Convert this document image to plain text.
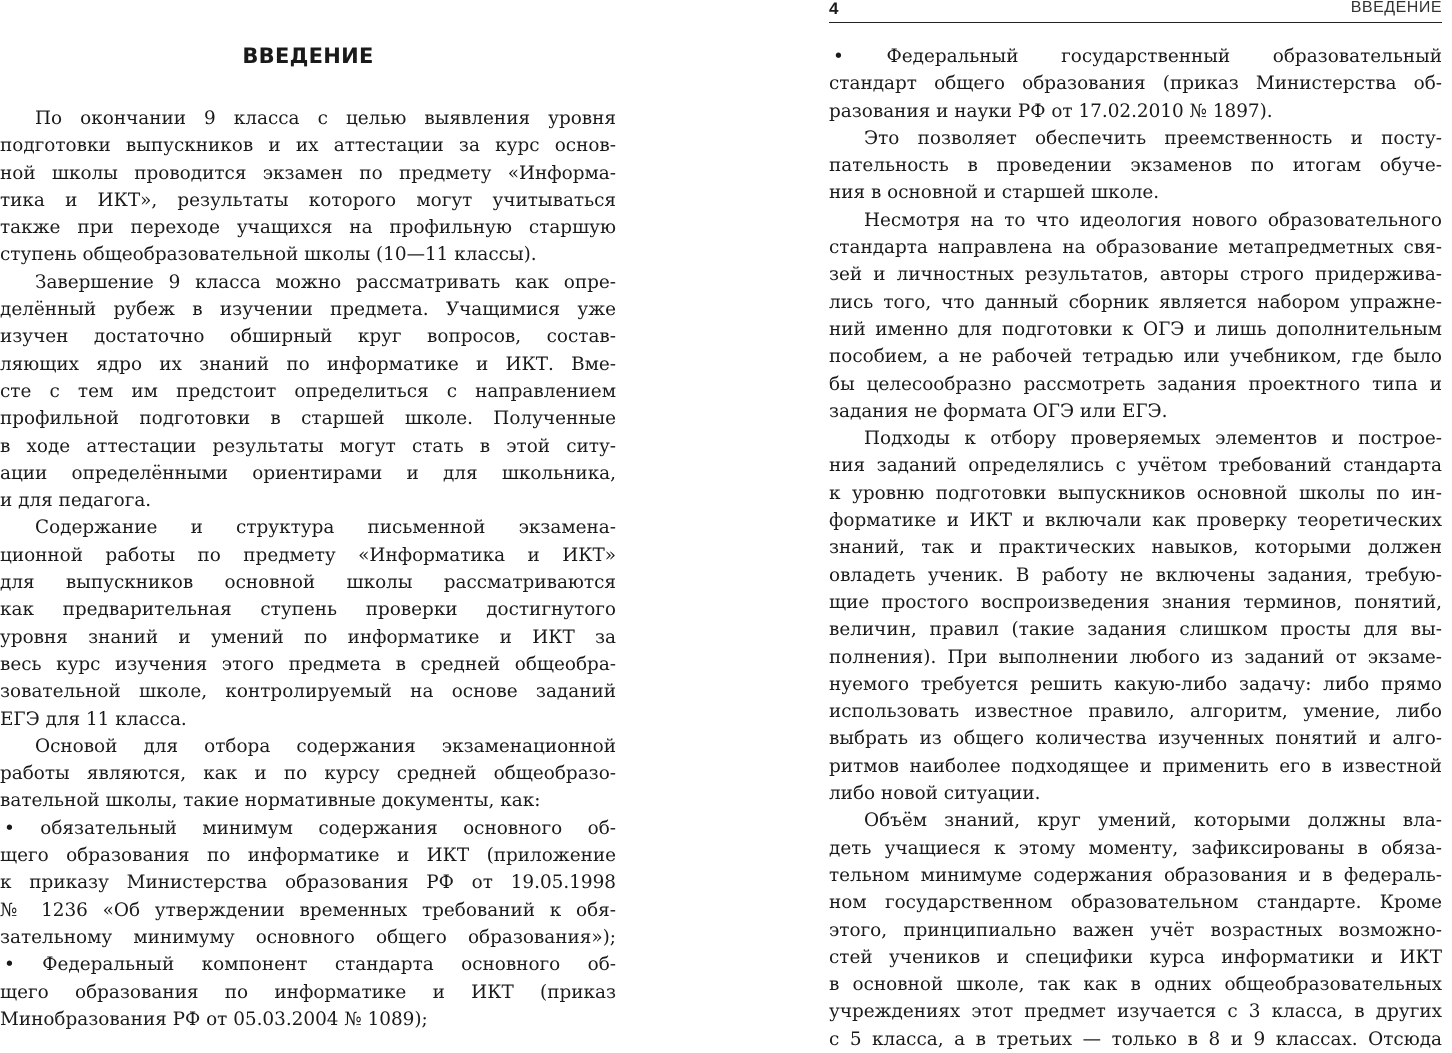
ВВЕДЕНИЕ
По окончании 9 класса с целью выявления уровня
подготовки выпускников и их аттестации за курс основ-
ной школы проводится экзамен по предмету «Информа-
тика и ИКТ», результаты которого могут учитываться
также при переходе учащихся на профильную старшую
ступень общеобразовательной школы (10—11 классы).
Завершение 9 класса можно рассматривать как опре-
делённый рубеж в изучении предмета. Учащимися уже
изучен достаточно обширный круг вопросов, состав-
ляющих ядро их знаний по информатике и ИКТ. Вме-
сте с тем им предстоит определиться с направлением
профильной подготовки в старшей школе. Полученные
в ходе аттестации результаты могут стать в этой ситу-
ации определёнными ориентирами и для школьника,
и для педагога.
Содержание и структура письменной экзамена-
ционной работы по предмету «Информатика и ИКТ»
для выпускников основной школы рассматриваются
как предварительная ступень проверки достигнутого
уровня знаний и умений по информатике и ИКТ за
весь курс изучения этого предмета в средней общеобра-
зовательной школе, контролируемый на основе заданий
ЕГЭ для 11 класса.
Основой для отбора содержания экзаменационной
работы являются, как и по курсу средней общеобразо-
вательной школы, такие нормативные документы, как:
• обязательный минимум содержания основного об-
щего образования по информатике и ИКТ (приложение
к приказу Министерства образования РФ от 19.05.1998
№ 1236 «Об утверждении временных требований к обя-
зательному минимуму основного общего образования»);
• Федеральный компонент стандарта основного об-
щего образования по информатике и ИКТ (приказ
Минобразования РФ от 05.03.2004 № 1089);
4	ВВЕДЕНИЕ
• Федеральный государственный образовательный
стандарт общего образования (приказ Министерства об-
разования и науки РФ от 17.02.2010 № 1897).
Это позволяет обеспечить преемственность и посту-
пательность в проведении экзаменов по итогам обуче-
ния в основной и старшей школе.
Несмотря на то что идеология нового образовательного
стандарта направлена на образование метапредметных свя-
зей и личностных результатов, авторы строго придержива-
лись того, что данный сборник является набором упражне-
ний именно для подготовки к ОГЭ и лишь дополнительным
пособием, а не рабочей тетрадью или учебником, где было
бы целесообразно рассмотреть задания проектного типа и
задания не формата ОГЭ или ЕГЭ.
Подходы к отбору проверяемых элементов и построе-
ния заданий определялись с учётом требований стандарта
к уровню подготовки выпускников основной школы по ин-
форматике и ИКТ и включали как проверку теоретических
знаний, так и практических навыков, которыми должен
овладеть ученик. В работу не включены задания, требую-
щие простого воспроизведения знания терминов, понятий,
величин, правил (такие задания слишком просты для вы-
полнения). При выполнении любого из заданий от экзаме-
нуемого требуется решить какую-либо задачу: либо прямо
использовать известное правило, алгоритм, умение, либо
выбрать из общего количества изученных понятий и алго-
ритмов наиболее подходящее и применить его в известной
либо новой ситуации.
Объём знаний, круг умений, которыми должны вла-
деть учащиеся к этому моменту, зафиксированы в обяза-
тельном минимуме содержания образования и в федераль-
ном государственном образовательном стандарте. Кроме
этого, принципиально важен учёт возрастных возможно-
стей учеников и специфики курса информатики и ИКТ
в основной школе, так как в одних общеобразовательных
учреждениях этот предмет изучается с 3 класса, в других
с 5 класса, а в третьих — только в 8 и 9 классах. Отсюда
